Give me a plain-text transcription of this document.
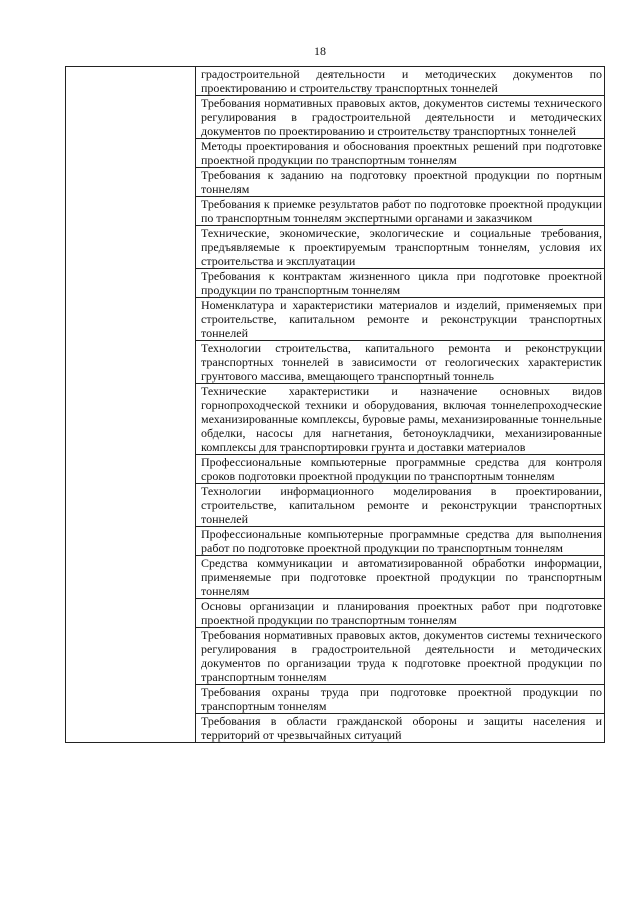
18

градостроительной деятельности и методических документов по проектированию и строительству транспортных тоннелей

Требования нормативных правовых актов, документов системы технического регулирования в градостроительной деятельности и методических документов по проектированию и строительству транспортных тоннелей

Методы проектирования и обоснования проектных решений при подготовке проектной продукции по транспортным тоннелям

Требования к заданию на подготовку проектной продукции по портным тоннелям

Требования к приемке результатов работ по подготовке проектной продукции по транспортным тоннелям экспертными органами и заказчиком

Технические, экономические, экологические и социальные требования, предъявляемые к проектируемым транспортным тоннелям, условия их строительства и эксплуатации

Требования к контрактам жизненного цикла при подготовке проектной продукции по транспортным тоннелям

Номенклатура и характеристики материалов и изделий, применяемых при строительстве, капитальном ремонте и реконструкции транспортных тоннелей

Технологии строительства, капитального ремонта и реконструкции транспортных тоннелей в зависимости от геологических характеристик грунтового массива, вмещающего транспортный тоннель

Технические характеристики и назначение основных видов горнопроходческой техники и оборудования, включая тоннелепроходческие механизированные комплексы, буровые рамы, механизированные тоннельные обделки, насосы для нагнетания, бетоноукладчики, механизированные комплексы для транспортировки грунта и доставки материалов

Профессиональные компьютерные программные средства для контроля сроков подготовки проектной продукции по транспортным тоннелям

Технологии информационного моделирования в проектировании, строительстве, капитальном ремонте и реконструкции транспортных тоннелей

Профессиональные компьютерные программные средства для выполнения работ по подготовке проектной продукции по транспортным тоннелям

Средства коммуникации и автоматизированной обработки информации, применяемые при подготовке проектной продукции по транспортным тоннелям

Основы организации и планирования проектных работ при подготовке проектной продукции по транспортным тоннелям

Требования нормативных правовых актов, документов системы технического регулирования в градостроительной деятельности и методических документов по организации труда к подготовке проектной продукции по транспортным тоннелям

Требования охраны труда при подготовке проектной продукции по транспортным тоннелям

Требования в области гражданской обороны и защиты населения и территорий от чрезвычайных ситуаций
